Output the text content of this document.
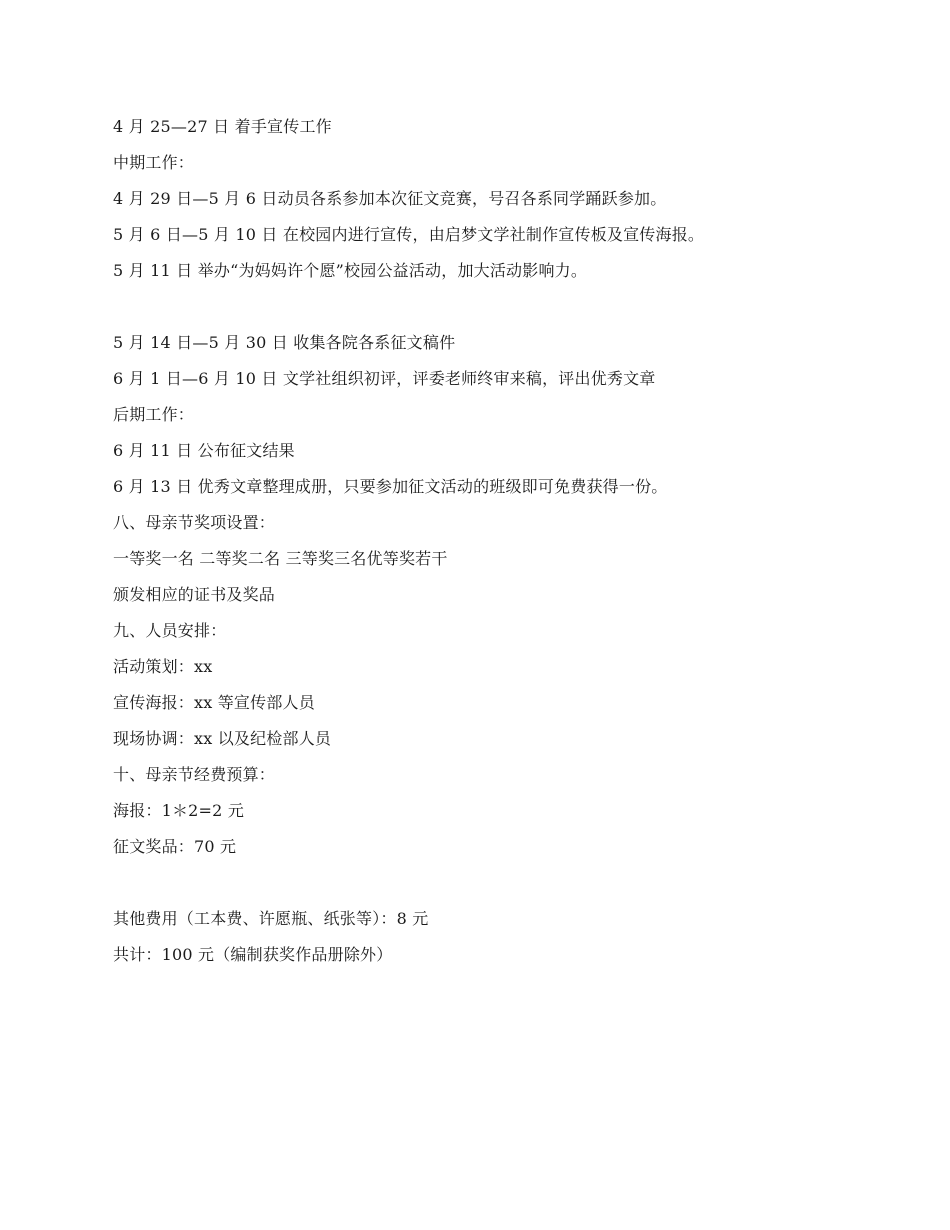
4 月 25—27 日 着手宣传工作
中期工作：
4 月 29 日—5 月 6 日动员各系参加本次征文竞赛，号召各系同学踊跃参加。
5 月 6 日—5 月 10 日 在校园内进行宣传，由启梦文学社制作宣传板及宣传海报。
5 月 11 日 举办“为妈妈许个愿”校园公益活动，加大活动影响力。
5 月 14 日—5 月 30 日 收集各院各系征文稿件
6 月 1 日—6 月 10 日 文学社组织初评，评委老师终审来稿，评出优秀文章
后期工作：
6 月 11 日 公布征文结果
6 月 13 日 优秀文章整理成册，只要参加征文活动的班级即可免费获得一份。
八、母亲节奖项设置：
一等奖一名 二等奖二名 三等奖三名优等奖若干
颁发相应的证书及奖品
九、人员安排：
活动策划：xx
宣传海报：xx 等宣传部人员
现场协调：xx 以及纪检部人员
十、母亲节经费预算：
海报：1＊2=2 元
征文奖品：70 元
其他费用（工本费、许愿瓶、纸张等）：8 元
共计：100 元（编制获奖作品册除外）
